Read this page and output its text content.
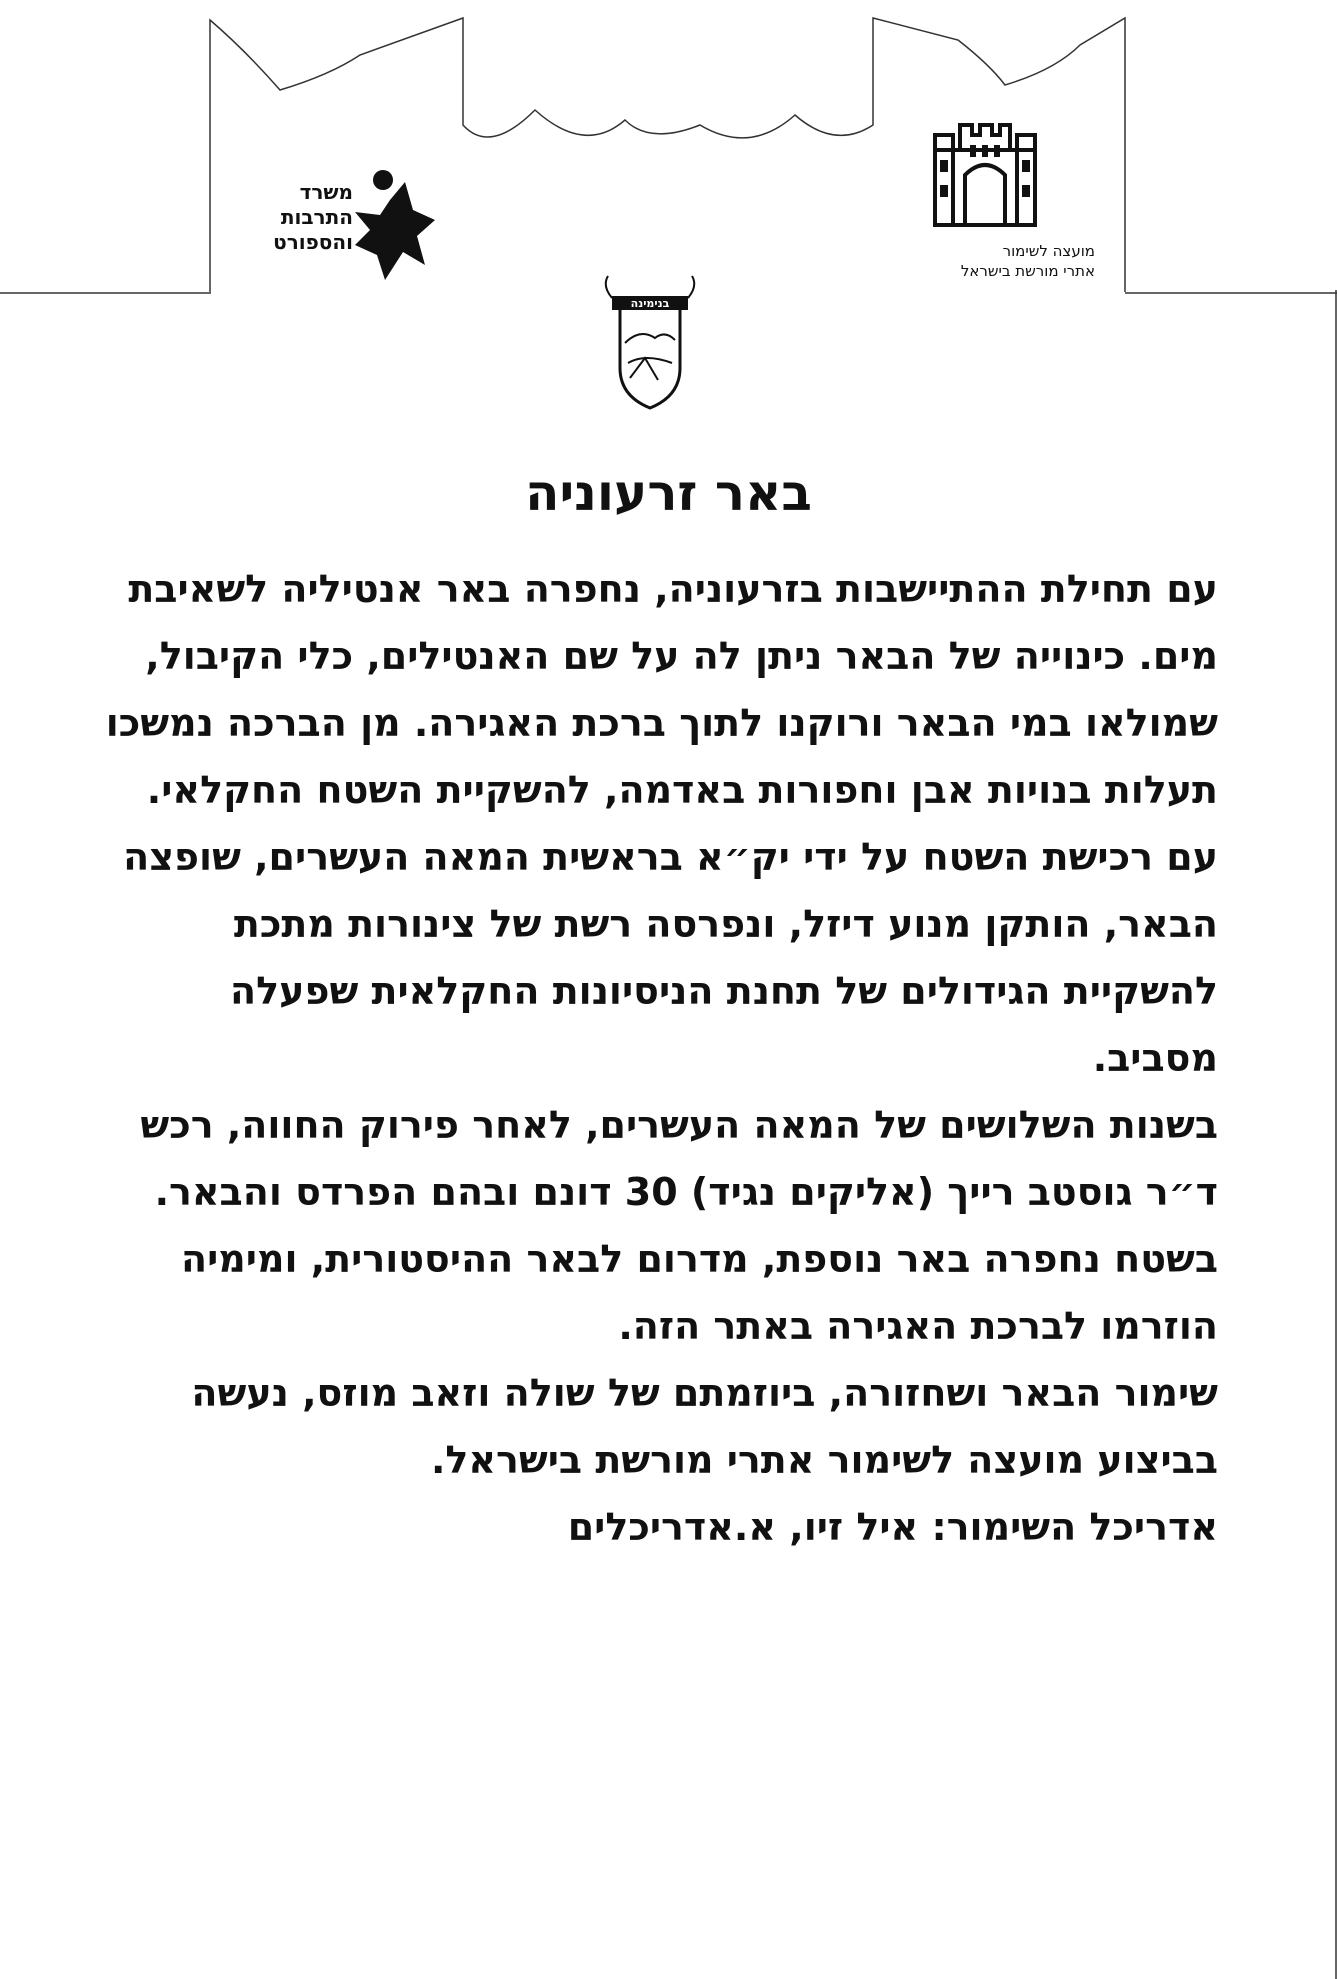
משרד
התרבות
והספורט	מועצה לשימור
אתרי מורשת בישראל
בנימינה
באר זרעוניה

עם תחילת ההתיישבות בזרעוניה, נחפרה באר אנטיליה לשאיבת מים. כינוייה של הבאר ניתן לה על שם האנטילים, כלי הקיבול, שמולאו במי הבאר ורוקנו לתוך ברכת האגירה. מן הברכה נמשכו תעלות בנויות אבן וחפורות באדמה, להשקיית השטח החקלאי.

עם רכישת השטח על ידי יק״א בראשית המאה העשרים, שופצה הבאר, הותקן מנוע דיזל, ונפרסה רשת של צינורות מתכת להשקיית הגידולים של תחנת הניסיונות החקלאית שפעלה מסביב.

בשנות השלושים של המאה העשרים, לאחר פירוק החווה, רכש ד״ר גוסטב רייך (אליקים נגיד) 30 דונם ובהם הפרדס והבאר. בשטח נחפרה באר נוספת, מדרום לבאר ההיסטורית, ומימיה הוזרמו לברכת האגירה באתר הזה.

שימור הבאר ושחזורה, ביוזמתם של שולה וזאב מוזס, נעשה בביצוע מועצה לשימור אתרי מורשת בישראל.

אדריכל השימור: איל זיו, א.אדריכלים
